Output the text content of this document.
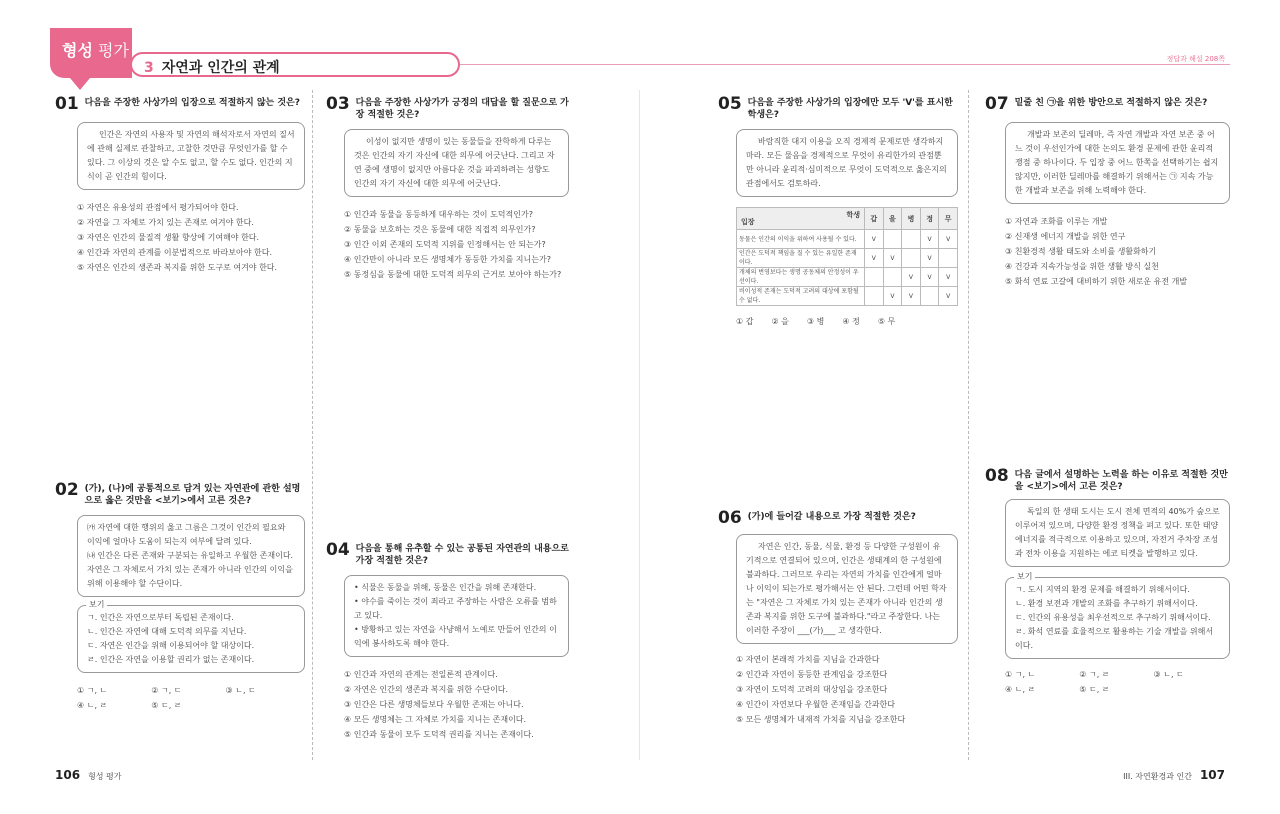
형성 평가
3 자연과 인간의 관계
정답과 해설 208쪽
01 다음을 주장한 사상가의 입장으로 적절하지 않는 것은?
인간은 자연의 사용자 및 자연의 해석자로서 자연의 질서에 관해 실제로 관찰하고, 고찰한 것만큼 무엇인가를 할 수 있다. 그 이상의 것은 알 수도 없고, 할 수도 없다. 인간의 지식이 곧 인간의 힘이다.
① 자연은 유용성의 관점에서 평가되어야 한다.
② 자연을 그 자체로 가치 있는 존재로 여겨야 한다.
③ 자연은 인간의 물질적 생활 향상에 기여해야 한다.
④ 인간과 자연의 관계를 이분법적으로 바라보아야 한다.
⑤ 자연은 인간의 생존과 복지를 위한 도구로 여겨야 한다.
02 (가), (나)에 공통적으로 담겨 있는 자연관에 관한 설명으로 옳은 것만을 <보기>에서 고른 것은?
㈎ 자연에 대한 행위의 옳고 그름은 그것이 인간의 필요와 이익에 얼마나 도움이 되는지 여부에 달려 있다.
㈏ 인간은 다른 존재와 구분되는 유일하고 우월한 존재이다. 자연은 그 자체로서 가치 있는 존재가 아니라 인간의 이익을 위해 이용해야 할 수단이다.
보기
ㄱ. 인간은 자연으로부터 독립된 존재이다.
ㄴ. 인간은 자연에 대해 도덕적 의무를 지닌다.
ㄷ. 자연은 인간을 위해 이용되어야 할 대상이다.
ㄹ. 인간은 자연을 이용할 권리가 없는 존재이다.
① ㄱ, ㄴ	② ㄱ, ㄷ	③ ㄴ, ㄷ
④ ㄴ, ㄹ	⑤ ㄷ, ㄹ
03 다음을 주장한 사상가가 긍정의 대답을 할 질문으로 가장 적절한 것은?
이성이 없지만 생명이 있는 동물들을 잔학하게 다루는 것은 인간의 자기 자신에 대한 의무에 어긋난다. 그리고 자연 중에 생명이 없지만 아름다운 것을 파괴하려는 성향도 인간의 자기 자신에 대한 의무에 어긋난다.
① 인간과 동물을 동등하게 대우하는 것이 도덕적인가?
② 동물을 보호하는 것은 동물에 대한 직접적 의무인가?
③ 인간 이외 존재의 도덕적 지위를 인정해서는 안 되는가?
④ 인간만이 아니라 모든 생명체가 동등한 가치를 지니는가?
⑤ 동정심을 동물에 대한 도덕적 의무의 근거로 보아야 하는가?
04 다음을 통해 유추할 수 있는 공통된 자연관의 내용으로 가장 적절한 것은?
• 식물은 동물을 위해, 동물은 인간을 위해 존재한다.
• 야수를 죽이는 것이 죄라고 주장하는 사람은 오류를 범하고 있다.
• 방황하고 있는 자연을 사냥해서 노예로 만들어 인간의 이익에 봉사하도록 해야 한다.
① 인간과 자연의 관계는 전일론적 관계이다.
② 자연은 인간의 생존과 복지를 위한 수단이다.
③ 인간은 다른 생명체들보다 우월한 존재는 아니다.
④ 모든 생명체는 그 자체로 가치를 지니는 존재이다.
⑤ 인간과 동물이 모두 도덕적 권리를 지니는 존재이다.
05 다음을 주장한 사상가의 입장에만 모두 'V'를 표시한 학생은?
바람직한 대지 이용을 오직 경제적 문제로만 생각하지 마라. 모든 물음을 경제적으로 무엇이 유리한가의 관점뿐만 아니라 윤리적·심미적으로 무엇이 도덕적으로 옳은지의 관점에서도 검토하라.
학생
입장	갑	을	병	정	무
동물은 인간의 이익을 위하여 사용될 수 있다.	V			V	V
인간은 도덕적 책임을 질 수 있는 유일한 존재이다.	V	V		V	
개체의 번영보다는 생명 공동체의 안정성이 우선이다.			V	V	V
비이성적 존재는 도덕적 고려의 대상에 포함될 수 없다.		V	V		V
① 갑 ② 을 ③ 병 ④ 정 ⑤ 무
06 (가)에 들어갈 내용으로 가장 적절한 것은?
자연은 인간, 동물, 식물, 환경 등 다양한 구성원이 유기적으로 연결되어 있으며, 인간은 생태계의 한 구성원에 불과하다. 그러므로 우리는 자연의 가치를 인간에게 얼마나 이익이 되는가로 평가해서는 안 된다. 그런데 어떤 학자는 "자연은 그 자체로 가치 있는 존재가 아니라 인간의 생존과 복지를 위한 도구에 불과하다."라고 주장한다. 나는 이러한 주장이 ___(가)___ 고 생각한다.
① 자연이 본래적 가치를 지님을 간과한다
② 인간과 자연이 동등한 관계임을 강조한다
③ 자연이 도덕적 고려의 대상임을 강조한다
④ 인간이 자연보다 우월한 존재임을 간과한다
⑤ 모든 생명체가 내재적 가치를 지님을 강조한다
07 밑줄 친 ㉠을 위한 방안으로 적절하지 않은 것은?
개발과 보존의 딜레마, 즉 자연 개발과 자연 보존 중 어느 것이 우선인가에 대한 논의도 환경 문제에 관한 윤리적 쟁점 중 하나이다. 두 입장 중 어느 한쪽을 선택하기는 쉽지 않지만, 이러한 딜레마를 해결하기 위해서는 ㉠ 지속 가능한 개발과 보존을 위해 노력해야 한다.
① 자연과 조화를 이루는 개발
② 신재생 에너지 개발을 위한 연구
③ 친환경적 생활 태도와 소비를 생활화하기
④ 건강과 지속가능성을 위한 생활 방식 실천
⑤ 화석 연료 고갈에 대비하기 위한 새로운 유전 개발
08 다음 글에서 설명하는 노력을 하는 이유로 적절한 것만을 <보기>에서 고른 것은?
독일의 한 생태 도시는 도시 전체 면적의 40%가 숲으로 이루어져 있으며, 다양한 환경 정책을 펴고 있다. 또한 태양 에너지를 적극적으로 이용하고 있으며, 자전거 주차장 조성과 전차 이용을 지원하는 에코 티켓을 발행하고 있다.
보기
ㄱ. 도시 지역의 환경 문제를 해결하기 위해서이다.
ㄴ. 환경 보전과 개발의 조화를 추구하기 위해서이다.
ㄷ. 인간의 유용성을 최우선적으로 추구하기 위해서이다.
ㄹ. 화석 연료를 효율적으로 활용하는 기술 개발을 위해서이다.
① ㄱ, ㄴ	② ㄱ, ㄹ	③ ㄴ, ㄷ
④ ㄴ, ㄹ	⑤ ㄷ, ㄹ
106 형성 평가	III. 자연환경과 인간 107
